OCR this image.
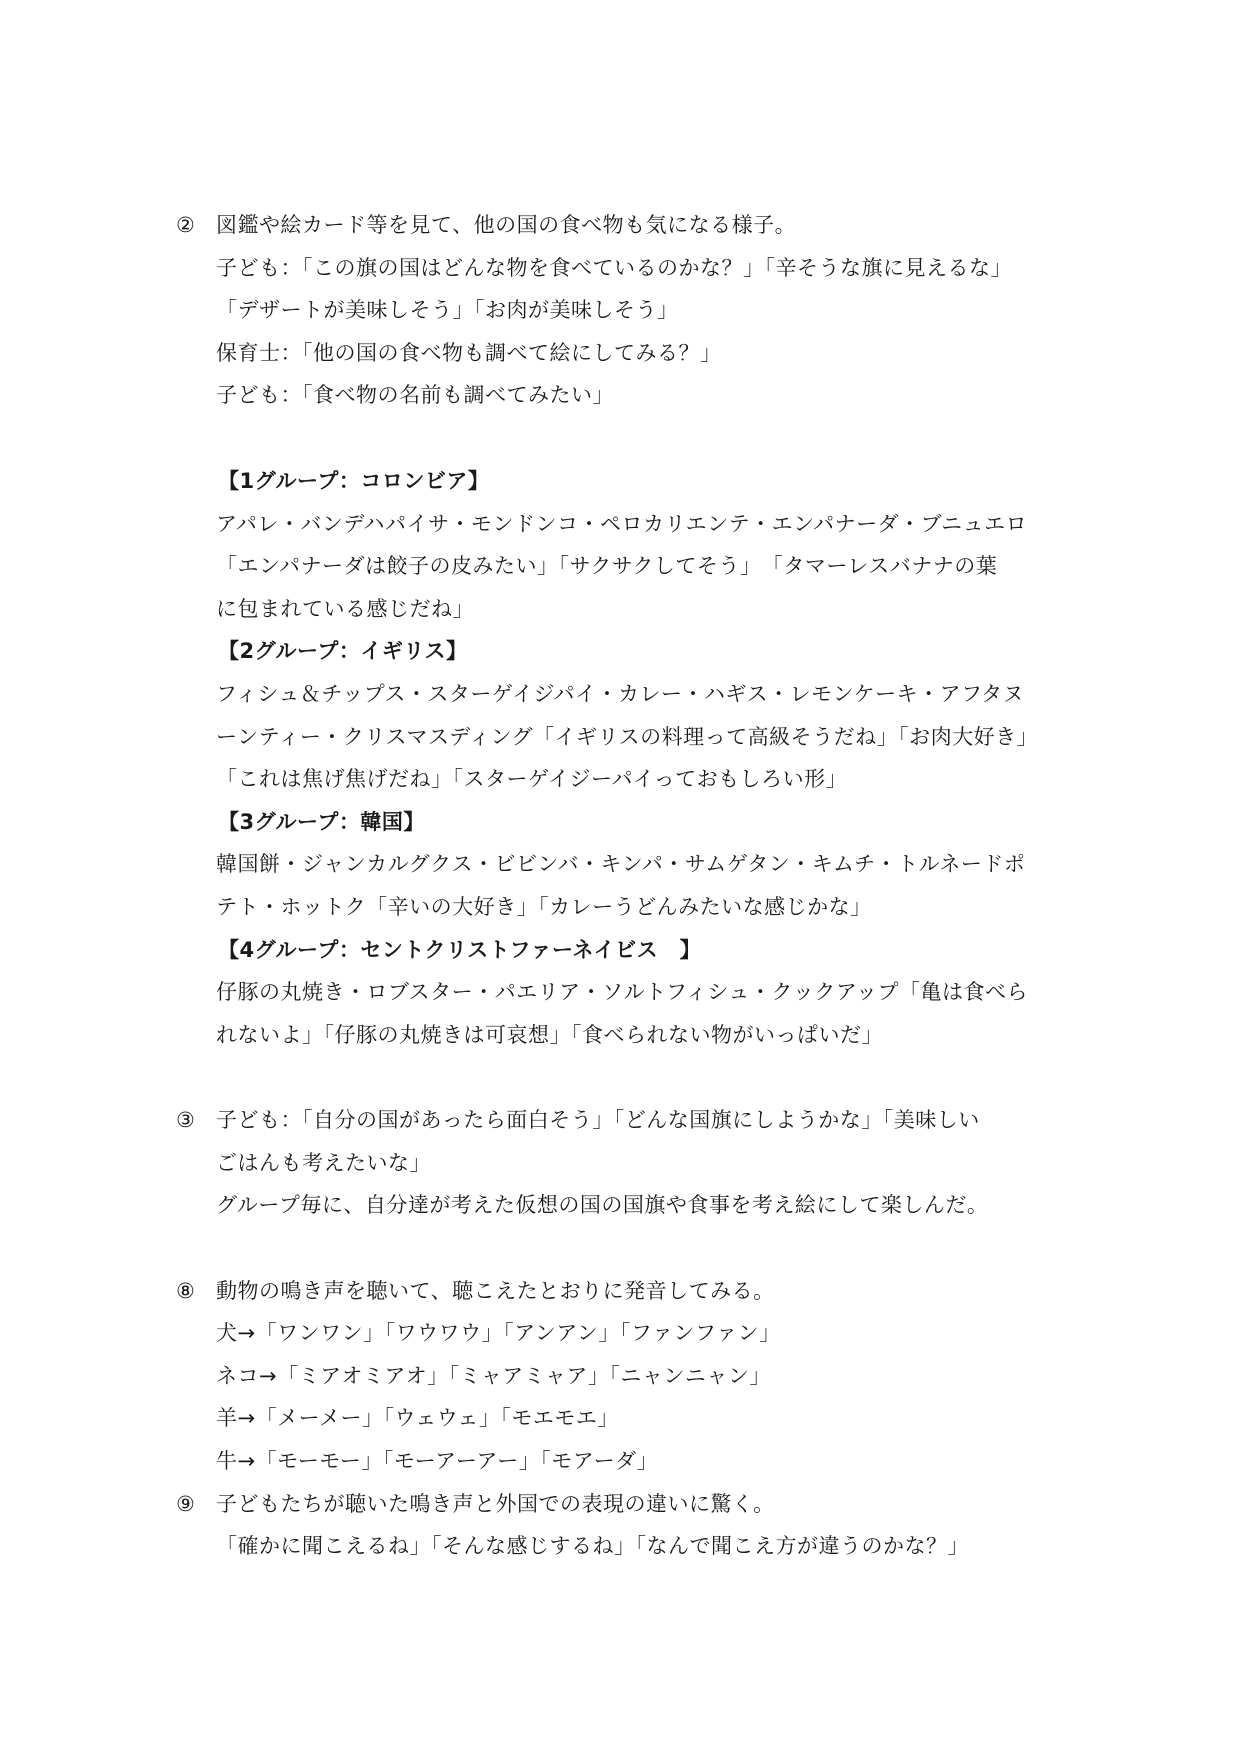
② 図鑑や絵カード等を見て、他の国の食べ物も気になる様子。
子ども：「この旗の国はどんな物を食べているのかな？」「辛そうな旗に見えるな」
「デザートが美味しそう」「お肉が美味しそう」
保育士：「他の国の食べ物も調べて絵にしてみる？」
子ども：「食べ物の名前も調べてみたい」
【1グループ：コロンビア】
アパレ・バンデハパイサ・モンドンコ・ペロカリエンテ・エンパナーダ・ブニュエロ
「エンパナーダは餃子の皮みたい」「サクサクしてそう」　「タマーレスバナナの葉
に包まれている感じだね」
【2グループ：イギリス】
フィシュ＆チップス・スターゲイジパイ・カレー・ハギス・レモンケーキ・アフタヌ
ーンティー・クリスマスディング「イギリスの料理って高級そうだね」「お肉大好き」
「これは焦げ焦げだね」「スターゲイジーパイっておもしろい形」
【3グループ：韓国】
韓国餅・ジャンカルグクス・ビビンバ・キンパ・サムゲタン・キムチ・トルネードポ
テト・ホットク「辛いの大好き」「カレーうどんみたいな感じかな」
【4グループ：セントクリストファーネイビス　】
仔豚の丸焼き・ロブスター・パエリア・ソルトフィシュ・クックアップ「亀は食べら
れないよ」「仔豚の丸焼きは可哀想」「食べられない物がいっぱいだ」
③ 子ども：「自分の国があったら面白そう」「どんな国旗にしようかな」「美味しい
ごはんも考えたいな」
グループ毎に、自分達が考えた仮想の国の国旗や食事を考え絵にして楽しんだ。
⑧ 動物の鳴き声を聴いて、聴こえたとおりに発音してみる。
犬→「ワンワン」「ワウワウ」「アンアン」「ファンファン」
ネコ→「ミアオミアオ」「ミャアミャア」「ニャンニャン」
羊→「メーメー」「ウェウェ」「モエモエ」
牛→「モーモー」「モーアーアー」「モアーダ」
⑨ 子どもたちが聴いた鳴き声と外国での表現の違いに驚く。
「確かに聞こえるね」「そんな感じするね」「なんで聞こえ方が違うのかな？」
